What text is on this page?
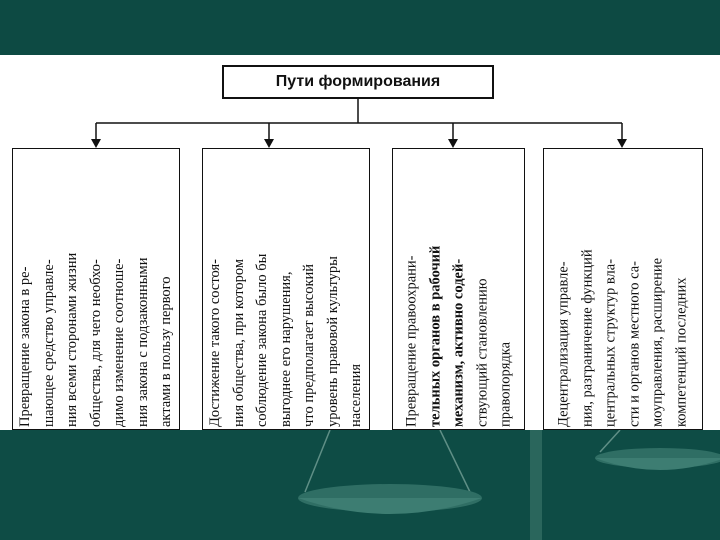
Пути формирования
Превращение закона в ре- шающее средство управле- ния всеми сторонами жизни общества, для чего необхо- димо изменение соотноше- ния закона с подзаконными актами в пользу первого	Достижение такого состоя- ния общества, при котором соблюдение закона было бы выгоднее его нарушения, что предполагает высокий уровень правовой культуры населения	Превращение правоохрани- тельных органов в рабочий механизм, активно содей- ствующий становлению правопорядка	Децентрализация управле- ния, разграничение функций центральных структур вла- сти и органов местного са- моуправления, расширение компетенций последних
